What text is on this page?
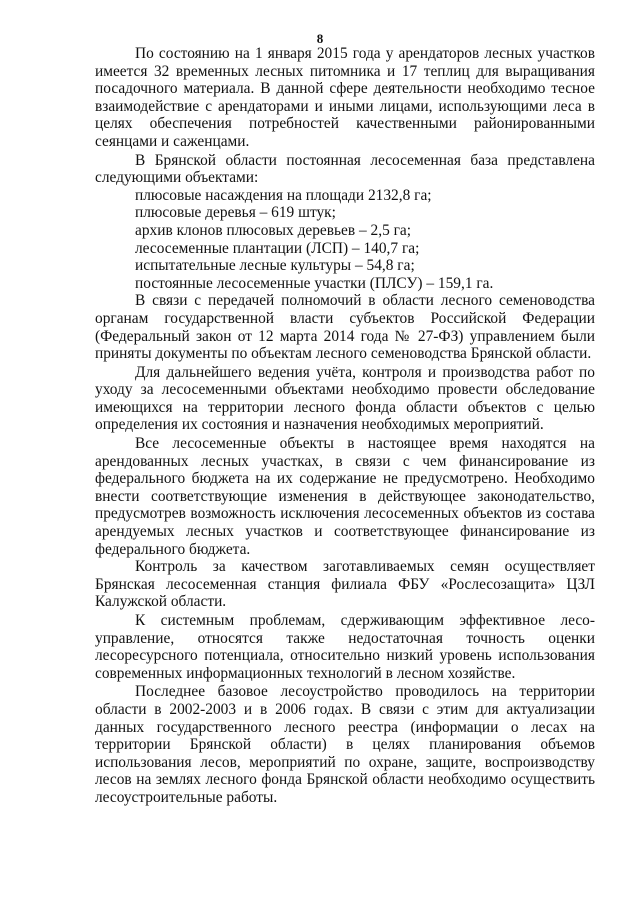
8

По состоянию на 1 января 2015 года у арендаторов лесных участков имеется 32 временных лесных питомника и 17 теплиц для выращивания посадочного материала. В данной сфере деятельности необходимо тесное взаимодействие с арендаторами и иными лицами, использующими леса в целях обеспечения потребностей качественными районированными сеянцами и саженцами.

В Брянской области постоянная лесосеменная база представлена следующими объектами:

плюсовые насаждения на площади 2132,8 га;
плюсовые деревья – 619 штук;
архив клонов плюсовых деревьев – 2,5 га;
лесосеменные плантации (ЛСП) – 140,7 га;
испытательные лесные культуры – 54,8 га;
постоянные лесосеменные участки (ПЛСУ) – 159,1 га.

В связи с передачей полномочий в области лесного семеноводства органам государственной власти субъектов Российской Федерации (Федеральный закон от 12 марта 2014 года № 27-ФЗ) управлением были приняты документы по объектам лесного семеноводства Брянской области.

Для дальнейшего ведения учёта, контроля и производства работ по уходу за лесосеменными объектами необходимо провести обследование имеющихся на территории лесного фонда области объектов с целью определения их состояния и назначения необходимых мероприятий.

Все лесосеменные объекты в настоящее время находятся на арендованных лесных участках, в связи с чем финансирование из федерального бюджета на их содержание не предусмотрено. Необходимо внести соответствующие изменения в действующее законодательство, предусмотрев возможность исключения лесосеменных объектов из состава арендуемых лесных участков и соответствующее финансирование из федерального бюджета.

Контроль за качеством заготавливаемых семян осуществляет Брянская лесосеменная станция филиала ФБУ «Рослесозащита» ЦЗЛ Калужской области.

К системным проблемам, сдерживающим эффективное лесо-управление, относятся также недостаточная точность оценки лесоресурсного потенциала, относительно низкий уровень использования современных информационных технологий в лесном хозяйстве.

Последнее базовое лесоустройство проводилось на территории области в 2002-2003 и в 2006 годах. В связи с этим для актуализации данных государственного лесного реестра (информации о лесах на территории Брянской области) в целях планирования объемов использования лесов, мероприятий по охране, защите, воспроизводству лесов на землях лесного фонда Брянской области необходимо осуществить лесоустроительные работы.
